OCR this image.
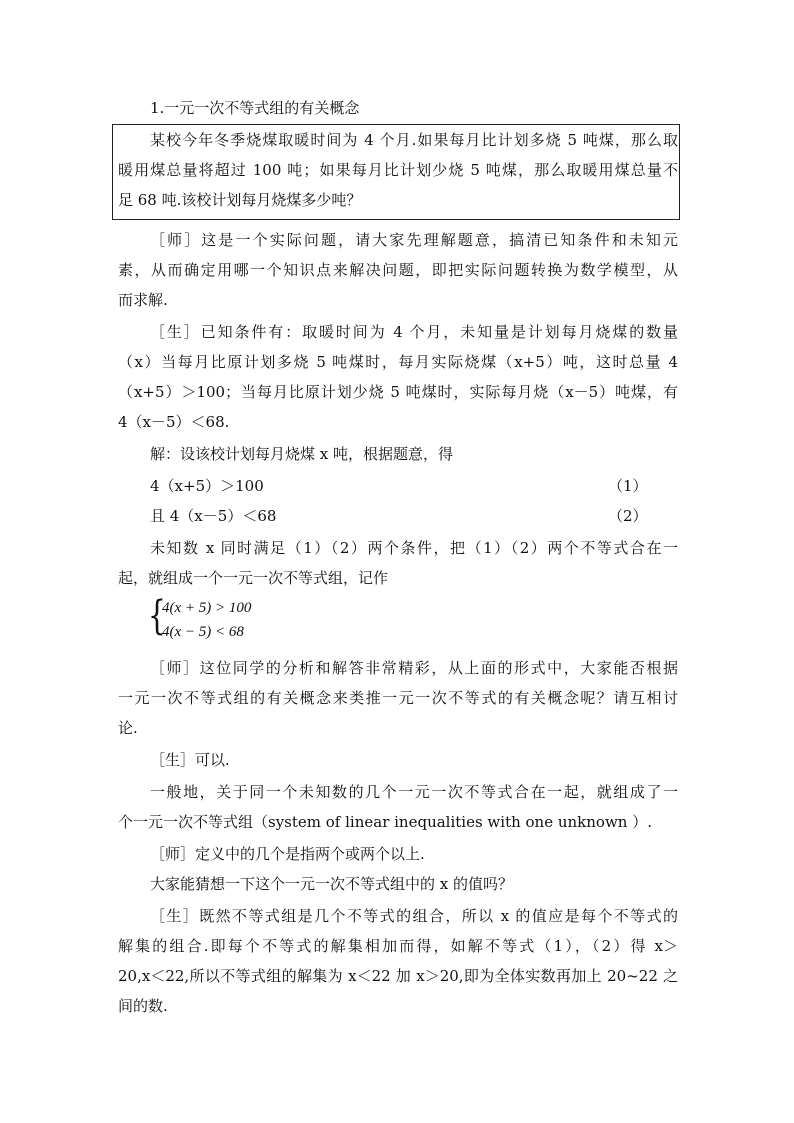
1.一元一次不等式组的有关概念
某校今年冬季烧煤取暖时间为 4 个月.如果每月比计划多烧 5 吨煤，那么取
暖用煤总量将超过 100 吨；如果每月比计划少烧 5 吨煤，那么取暖用煤总量不
足 68 吨.该校计划每月烧煤多少吨？
［师］这是一个实际问题，请大家先理解题意，搞清已知条件和未知元
素，从而确定用哪一个知识点来解决问题，即把实际问题转换为数学模型，从
而求解.
［生］已知条件有：取暖时间为 4 个月，未知量是计划每月烧煤的数量
（x）当每月比原计划多烧 5 吨煤时，每月实际烧煤（x+5）吨，这时总量 4
（x+5）＞100；当每月比原计划少烧 5 吨煤时，实际每月烧（x－5）吨煤，有
4（x－5）＜68.
解：设该校计划每月烧煤 x 吨，根据题意，得
4（x+5）＞100	（1）
且 4（x－5）＜68	（2）
未知数 x 同时满足（1）（2）两个条件，把（1）（2）两个不等式合在一
起，就组成一个一元一次不等式组，记作
{
4(x + 5) > 100
4(x − 5) < 68
［师］这位同学的分析和解答非常精彩，从上面的形式中，大家能否根据
一元一次不等式组的有关概念来类推一元一次不等式的有关概念呢？请互相讨
论.
［生］可以.
一般地，关于同一个未知数的几个一元一次不等式合在一起，就组成了一
个一元一次不等式组（system of linear inequalities with one unknown ）.
［师］定义中的几个是指两个或两个以上.
大家能猜想一下这个一元一次不等式组中的 x 的值吗？
［生］既然不等式组是几个不等式的组合，所以 x 的值应是每个不等式的
解集的组合.即每个不等式的解集相加而得，如解不等式（1），（2）得 x＞
20,x＜22,所以不等式组的解集为 x＜22 加 x＞20,即为全体实数再加上 20~22 之
间的数.
